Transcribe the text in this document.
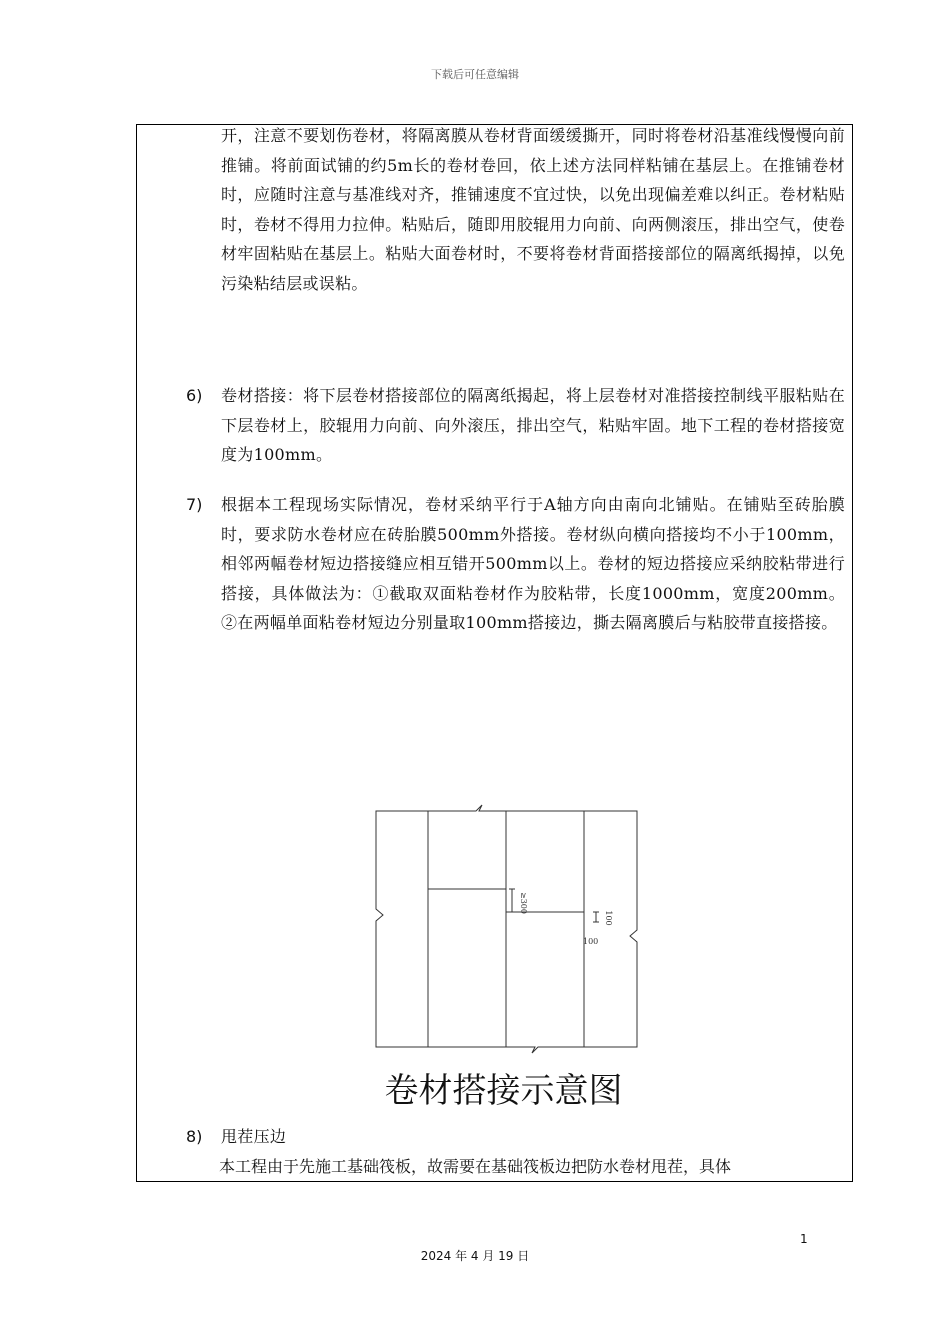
下载后可任意编辑
开，注意不要划伤卷材，将隔离膜从卷材背面缓缓撕开，同时将卷材沿基准线慢慢向前推铺。将前面试铺的约5m长的卷材卷回，依上述方法同样粘铺在基层上。在推铺卷材时，应随时注意与基准线对齐，推铺速度不宜过快，以免出现偏差难以纠正。卷材粘贴时，卷材不得用力拉伸。粘贴后，随即用胶辊用力向前、向两侧滚压，排出空气，使卷材牢固粘贴在基层上。粘贴大面卷材时，不要将卷材背面搭接部位的隔离纸揭掉，以免污染粘结层或误粘。
6) 卷材搭接：将下层卷材搭接部位的隔离纸揭起，将上层卷材对准搭接控制线平服粘贴在下层卷材上，胶辊用力向前、向外滚压，排出空气，粘贴牢固。地下工程的卷材搭接宽度为100mm。
7) 根据本工程现场实际情况，卷材采纳平行于A轴方向由南向北铺贴。在铺贴至砖胎膜时，要求防水卷材应在砖胎膜500mm外搭接。卷材纵向横向搭接均不小于100mm，相邻两幅卷材短边搭接缝应相互错开500mm以上。卷材的短边搭接应采纳胶粘带进行搭接，具体做法为：①截取双面粘卷材作为胶粘带，长度1000mm，宽度200mm。②在两幅单面粘卷材短边分别量取100mm搭接边，撕去隔离膜后与粘胶带直接搭接。
≥300
100
100
卷材搭接示意图
8) 甩茬压边
本工程由于先施工基础筏板，故需要在基础筏板边把防水卷材甩茬，具体
1
2024 年 4 月 19 日
